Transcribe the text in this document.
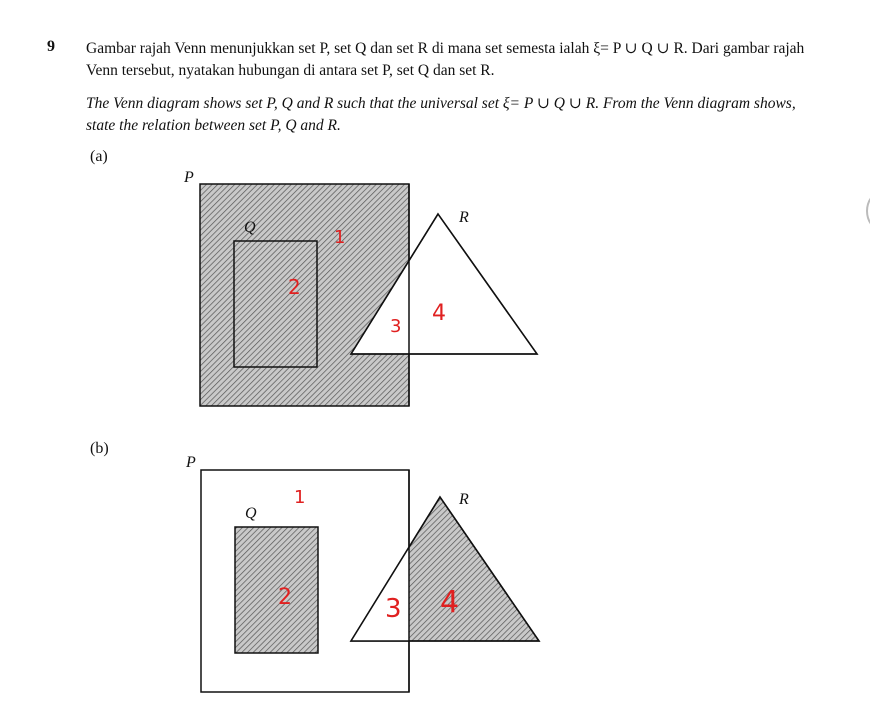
9 Gambar rajah Venn menunjukkan set P, set Q dan set R di mana set semesta ialah ξ= P ∪ Q ∪ R. Dari gambar rajah Venn tersebut, nyatakan hubungan di antara set P, set Q dan set R.

The Venn diagram shows set P, Q and R such that the universal set ξ= P ∪ Q ∪ R. From the Venn diagram shows, state the relation between set P, Q and R.

(a)
(b)
P
Q
R
1
2
3
4
P
Q
R
1
2	3 4
